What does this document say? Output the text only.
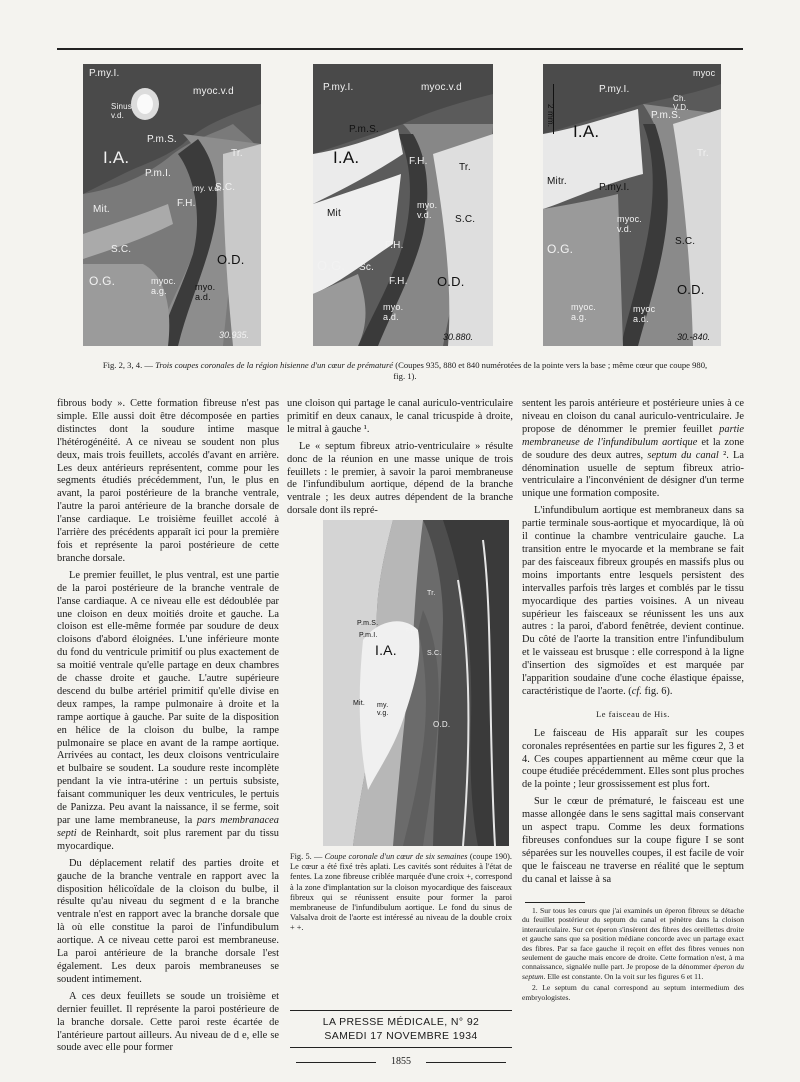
P.my.I.
myoc.v.d
Sinus v.d.
P.m.S.
I.A.	Tr.
P.m.I.
S.C.
my. v.d.
F.H.
Mit.
S.C.
O.D.
O.G.	myoc. a.g.	myo. a.d.
30.935.
P.my.I.	myoc.v.d
P.m.S.
I.A.	F.H.
Tr.
myo. v.d.	S.C.
Mit
F.H.
O.G. Sc.
F.H. O.D.
myo. a.d.
30.880.
myoc
Ch. V.D.
P.my.I.
P.m.S.
2 mm.
I.A.
Tr.
Mitr.
P.my.I.
myoc. v.d.
S.C.
O.G.
O.D.
myoc. a.g.
myoc a.d.
30.-840.
Fig. 2, 3, 4. — Trois coupes coronales de la région hisienne d'un cœur de prématuré (Coupes 935, 880 et 840 numérotées de la pointe vers la base ; même cœur que coupe 980, fig. 1).

fibrous body ». Cette formation fibreuse n'est pas simple. Elle aussi doit être décomposée en parties distinctes dont la soudure intime masque l'hétérogénéité. A ce niveau se soudent non plus deux, mais trois feuillets, accolés d'avant en arrière. Les deux antérieurs représentent, comme pour les segments étudiés précédemment, l'un, le plus en avant, la paroi postérieure de la branche ventrale, l'autre la paroi antérieure de la branche dorsale de l'anse cardiaque. Le troisième feuillet accolé à l'arrière des précédents apparaît ici pour la première fois et représente la paroi postérieure de cette branche dorsale.

Le premier feuillet, le plus ventral, est une partie de la paroi postérieure de la branche ventrale de l'anse cardiaque. A ce niveau elle est dédoublée par une cloison en deux moitiés droite et gauche. La cloison est elle-même formée par soudure de deux cloisons d'abord éloignées. L'une inférieure monte du fond du ventricule primitif ou plus exactement de sa moitié ventrale qu'elle partage en deux chambres de chasse droite et gauche. L'autre supérieure descend du bulbe artériel primitif qu'elle divise en deux rampes, la rampe pulmonaire à droite et la rampe aortique à gauche. Par suite de la disposition en hélice de la cloison du bulbe, la rampe pulmonaire se place en avant de la rampe aortique. Arrivées au contact, les deux cloisons ventriculaire et bulbaire se soudent. La soudure reste incomplète pendant la vie intra-utérine : un pertuis subsiste, faisant communiquer les deux ventricules, le pertuis de Panizza. Peu avant la naissance, il se ferme, soit par une lame membraneuse, la pars membranacea septi de Reinhardt, soit plus rarement par du tissu myocardique.

Du déplacement relatif des parties droite et gauche de la branche ventrale en rapport avec la disposition hélicoïdale de la cloison du bulbe, il résulte qu'au niveau du segment d e la branche ventrale n'est en rapport avec la branche dorsale que là où elle constitue la paroi de l'infundibulum aortique. A ce niveau cette paroi est membraneuse. La paroi antérieure de la branche dorsale l'est également. Les deux parois membraneuses se soudent intimement.

A ces deux feuillets se soude un troisième et dernier feuillet. Il représente la paroi postérieure de la branche dorsale. Cette paroi reste écartée de l'antérieure partout ailleurs. Au niveau de d e, elle se soude avec elle pour former

une cloison qui partage le canal auriculo-ventriculaire primitif en deux canaux, le canal tricuspide à droite, le mitral à gauche ¹.

Le « septum fibreux atrio-ventriculaire » résulte donc de la réunion en une masse unique de trois feuillets : le premier, à savoir la paroi membraneuse de l'infundibulum aortique, dépend de la branche ventrale ; les deux autres dépendent de la branche dorsale dont ils repré-

P.m.S.
P.m.I.
I.A.
Tr.
F.H.
S.C.
Mit. my. v.g.
O.D.
Fig. 5. — Coupe coronale d'un cœur de six semaines (coupe 190). Le cœur a été fixé très aplati. Les cavités sont réduites à l'état de fentes. La zone fibreuse criblée marquée d'une croix +, correspond à la zone d'implantation sur la cloison myocardique des faisceaux fibreux qui se réunissent ensuite pour former la paroi membraneuse de l'infundibulum aortique. Le fond du sinus de Valsalva droit de l'aorte est intéressé au niveau de la double croix + +.
LA PRESSE MÉDICALE, N° 92
SAMEDI 17 NOVEMBRE 1934
1855

sentent les parois antérieure et postérieure unies à ce niveau en cloison du canal auriculo-ventriculaire. Je propose de dénommer le premier feuillet partie membraneuse de l'infundibulum aortique et la zone de soudure des deux autres, septum du canal ². La dénomination usuelle de septum fibreux atrio-ventriculaire a l'inconvénient de désigner d'un terme unique une formation composite.

L'infundibulum aortique est membraneux dans sa partie terminale sous-aortique et myocardique, là où il continue la chambre ventriculaire gauche. La transition entre le myocarde et la membrane se fait par des faisceaux fibreux groupés en massifs plus ou moins importants entre lesquels persistent des intervalles parfois très larges et comblés par le tissu myocardique des parties voisines. A un niveau supérieur les faisceaux se réunissent les uns aux autres : la paroi, d'abord fenêtrée, devient continue. Du côté de l'aorte la transition entre l'infundibulum et le vaisseau est brusque : elle correspond à la ligne d'insertion des sigmoïdes et est marquée par l'apparition soudaine d'une coche élastique épaisse, caractéristique de l'aorte. (cf. fig. 6).

Le faisceau de His.

Le faisceau de His apparaît sur les coupes coronales représentées en partie sur les figures 2, 3 et 4. Ces coupes appartiennent au même cœur que la coupe étudiée précédemment. Elles sont plus proches de la pointe ; leur grossissement est plus fort.

Sur le cœur de prématuré, le faisceau est une masse allongée dans le sens sagittal mais conservant un aspect trapu. Comme les deux formations fibreuses confondues sur la coupe figure I se sont séparées sur les nouvelles coupes, il est facile de voir que le faisceau ne traverse en réalité que le septum du canal et laisse à sa

1. Sur tous les cœurs que j'ai examinés un éperon fibreux se détache du feuillet postérieur du septum du canal et pénètre dans la cloison interauriculaire. Sur cet éperon s'insèrent des fibres des oreillettes droite et gauche sans que sa position médiane concorde avec un partage exact des fibres. Par sa face gauche il reçoit en effet des fibres venues non seulement de gauche mais encore de droite. Cette formation n'est, à ma connaissance, signalée nulle part. Je propose de la dénommer éperon du septum. Elle est constante. On la voit sur les figures 6 et 11.

2. Le septum du canal correspond au septum intermedium des embryologistes.
